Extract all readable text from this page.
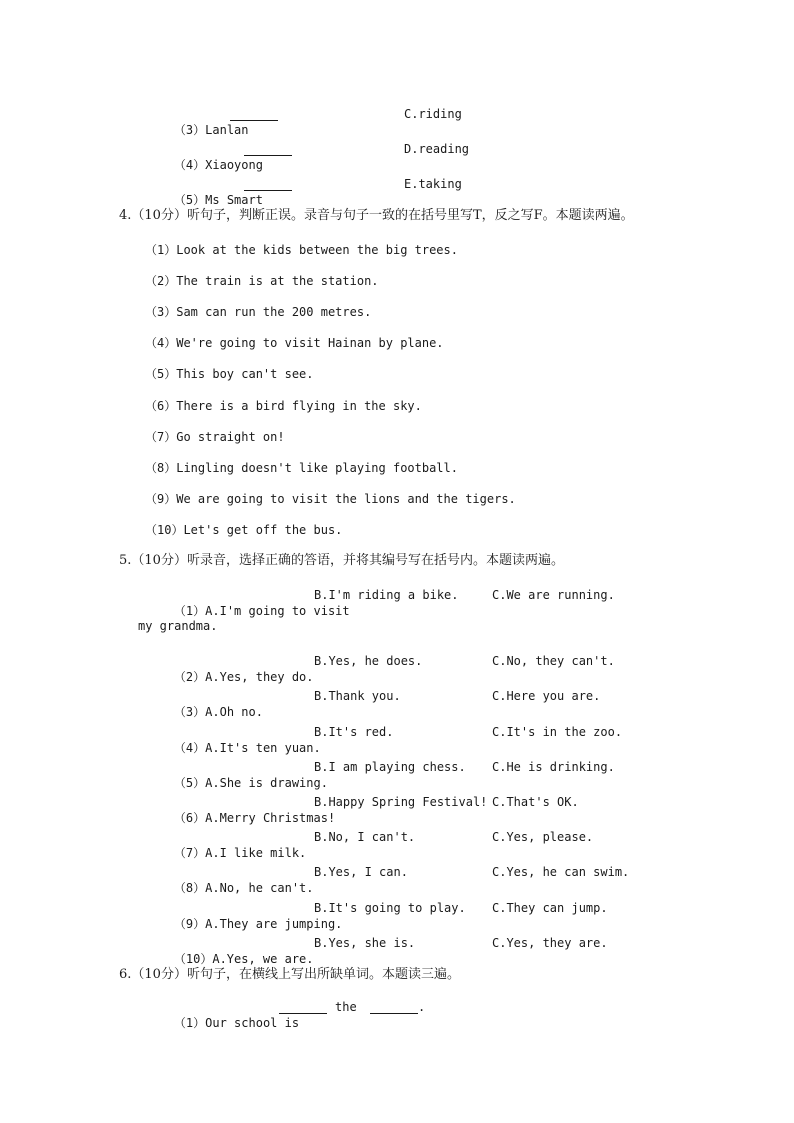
（3）Lanlan

C.riding

（4）Xiaoyong

D.reading

（5）Ms Smart

E.taking
4.（10分）听句子，判断正误。录音与句子一致的在括号里写T，反之写F。本题读两遍。
（1）Look at the kids between the big trees.
（2）The train is at the station.
（3）Sam can run the 200 metres.
（4）We're going to visit Hainan by plane.
（5）This boy can't see.
（6）There is a bird flying in the sky.
（7）Go straight on!
（8）Lingling doesn't like playing football.
（9）We are going to visit the lions and the tigers.
（10）Let's get off the bus.
5.（10分）听录音，选择正确的答语，并将其编号写在括号内。本题读两遍。

（1）A.I'm going to visit

B.I'm riding a bike.	C.We are running.
my grandma.

（2）A.Yes, they do.

B.Yes, he does.	C.No, they can't.

（3）A.Oh no.

B.Thank you.	C.Here you are.

（4）A.It's ten yuan.

B.It's red.	C.It's in the zoo.

（5）A.She is drawing.

B.I am playing chess. C.He is drinking.

（6）A.Merry Christmas!

B.Happy Spring Festival! C.That's OK.

（7）A.I like milk.

B.No, I can't.	C.Yes, please.

（8）A.No, he can't.

B.Yes, I can.	C.Yes, he can swim.

（9）A.They are jumping.

B.It's going to play. C.They can jump.

（10）A.Yes, we are.

B.Yes, she is.	C.Yes, they are.
6.（10分）听句子，在横线上写出所缺单词。本题读三遍。

（1）Our school is

the	.
